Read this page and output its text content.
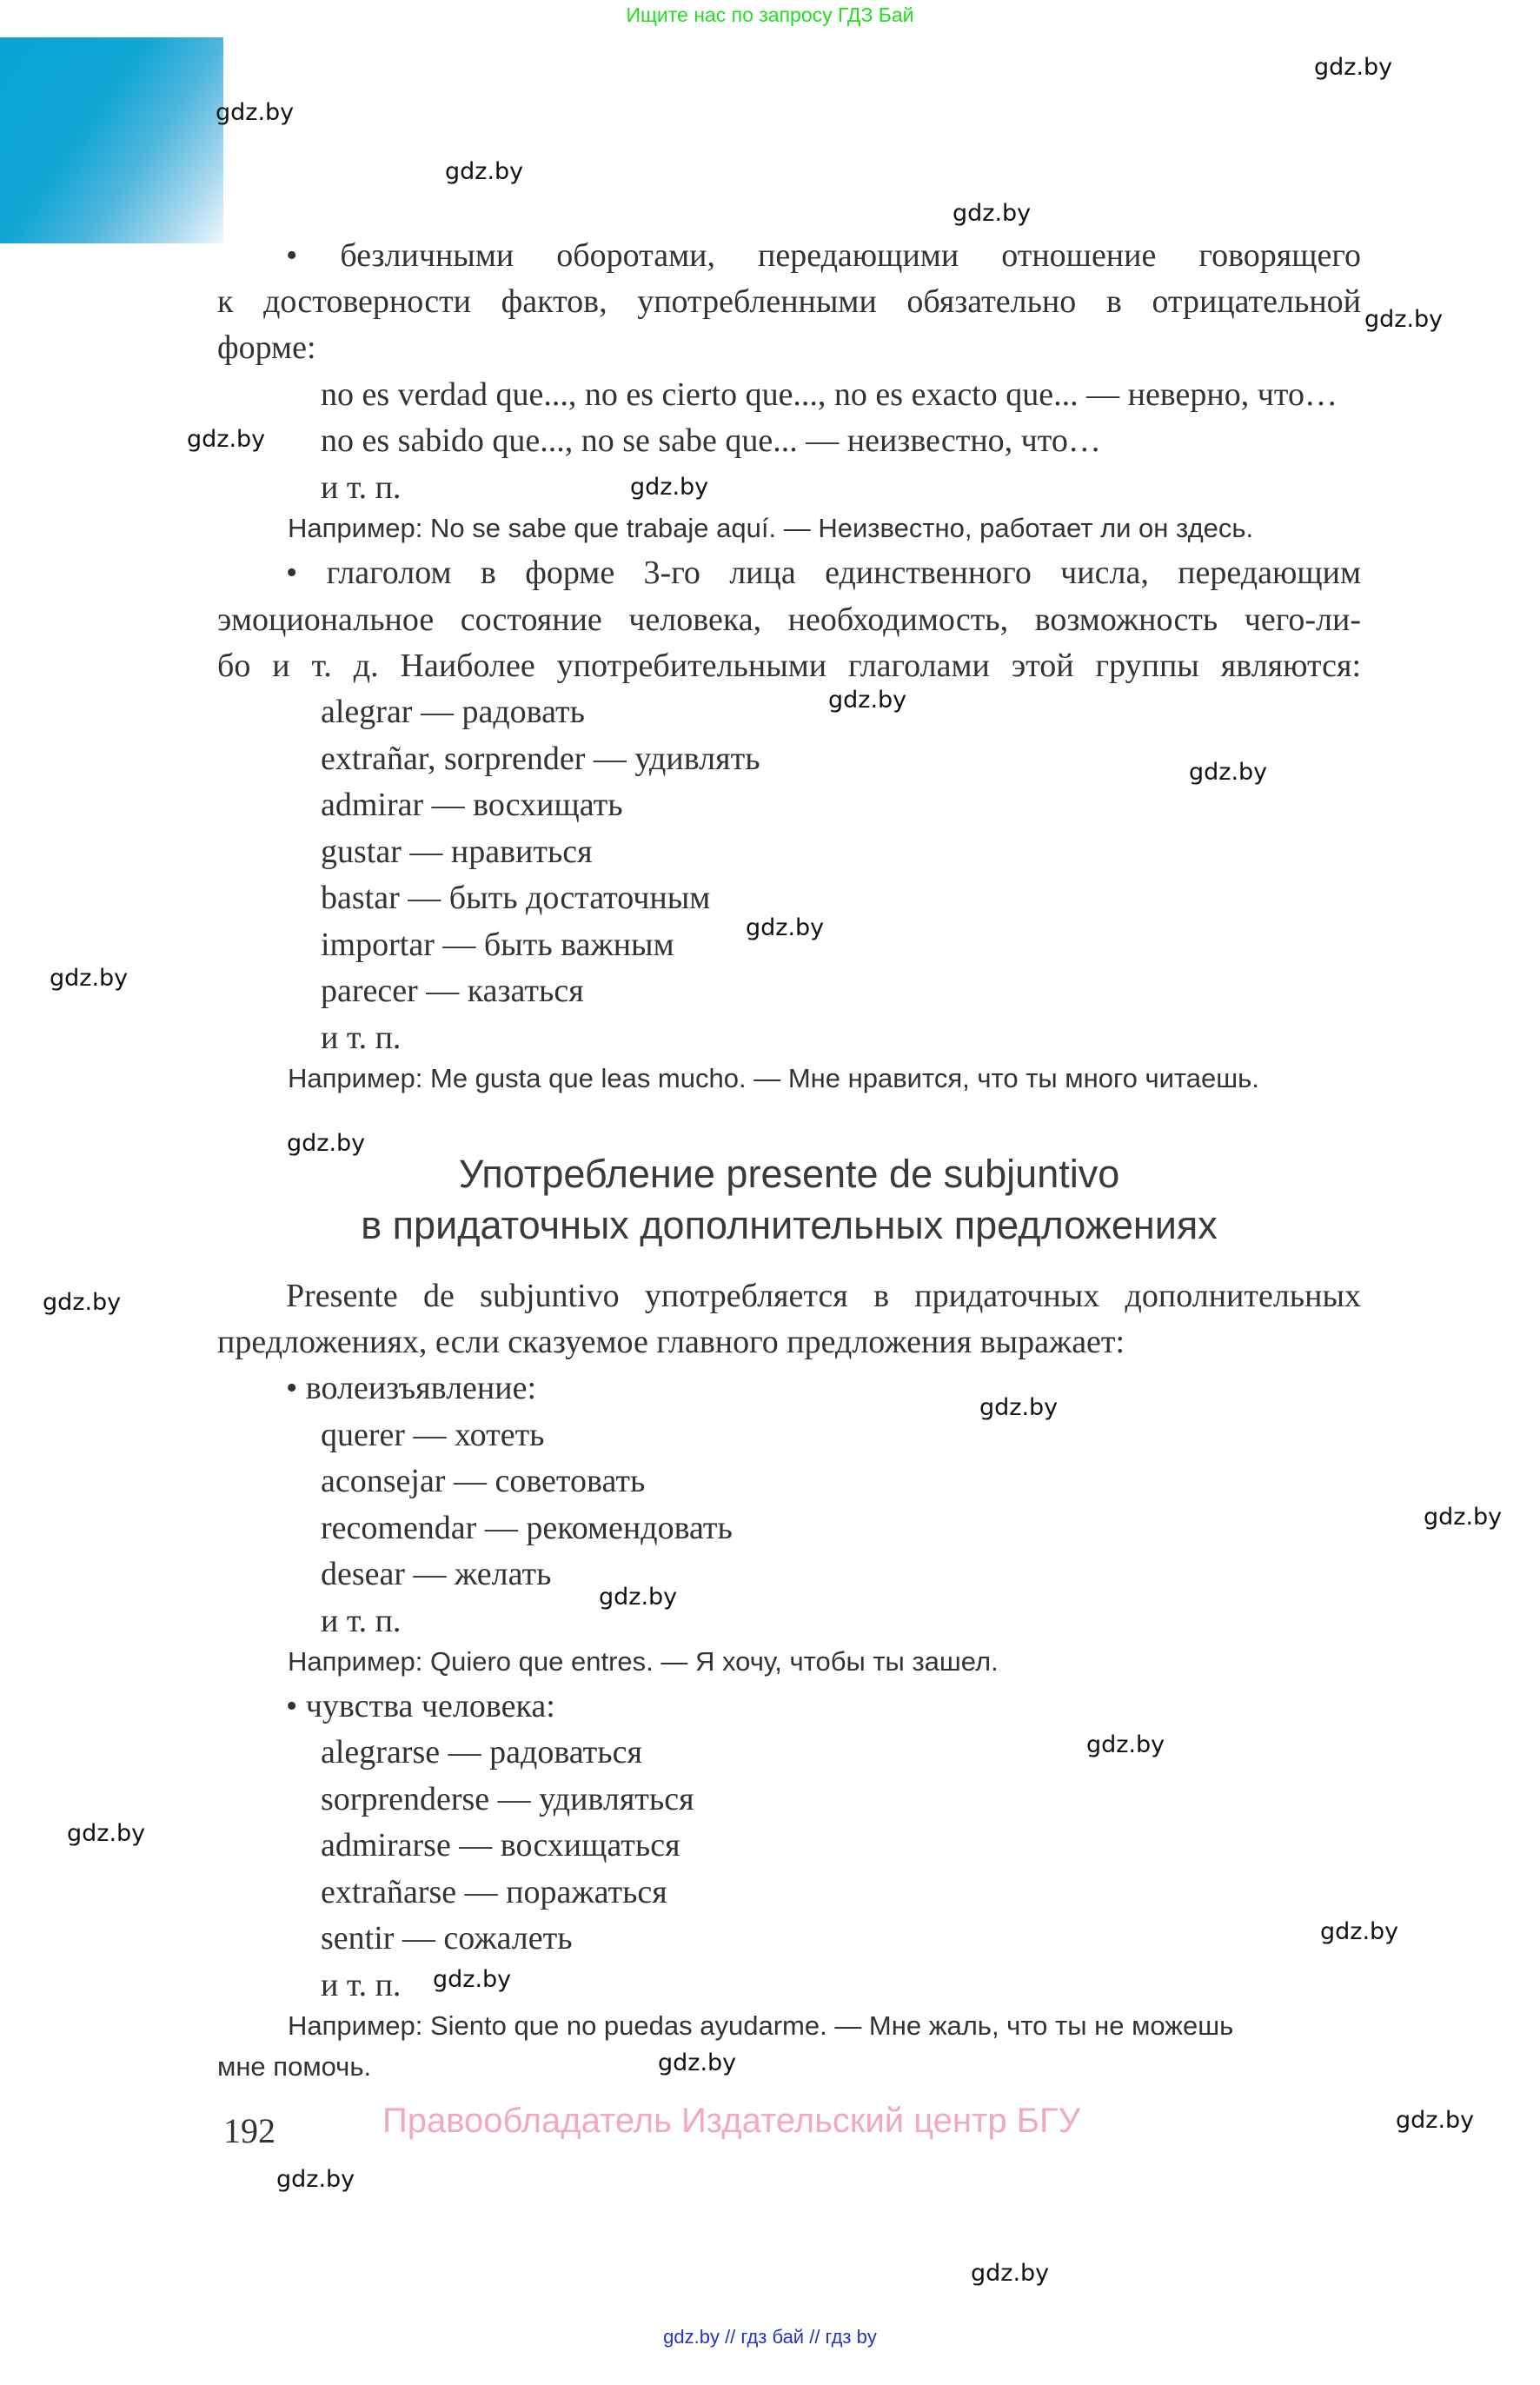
Ищите нас по запросу ГДЗ Бай
• безличными оборотами, передающими отношение говорящего
к достоверности фактов, употребленными обязательно в отрицательной
форме:
no es verdad que..., no es cierto que..., no es exacto que... — неверно, что…
no es sabido que..., no se sabe que... — неизвестно, что…
и т. п.
Например: No se sabe que trabaje aquí. — Неизвестно, работает ли он здесь.
• глаголом в форме 3-го лица единственного числа, передающим
эмоциональное состояние человека, необходимость, возможность чего-ли-
бо и т. д. Наиболее употребительными глаголами этой группы являются:
alegrar — радовать
extrañar, sorprender — удивлять
admirar — восхищать
gustar — нравиться
bastar — быть достаточным
importar — быть важным
parecer — казаться
и т. п.
Например: Me gusta que leas mucho. — Мне нравится, что ты много читаешь.
Употребление presente de subjuntivo
в придаточных дополнительных предложениях
Presente de subjuntivo употребляется в придаточных дополнительных
предложениях, если сказуемое главного предложения выражает:
• волеизъявление:
querer — хотеть
aconsejar — советовать
recomendar — рекомендовать
desear — желать
и т. п.
Например: Quiero que entres. — Я хочу, чтобы ты зашел.
• чувства человека:
alegrarse — радоваться
sorprenderse — удивляться
admirarse — восхищаться
extrañarse — поражаться
sentir — сожалеть
и т. п.
Например: Siento que no puedas ayudarme. — Мне жаль, что ты не можешь
мне помочь.
192	Правообладатель Издательский центр БГУ
gdz.by // гдз бай // гдз by
gdz.by
gdz.by
gdz.by
gdz.by
gdz.by
gdz.by
gdz.by
gdz.by
gdz.by
gdz.by
gdz.by
gdz.by
gdz.by
gdz.by
gdz.by
gdz.by
gdz.by
gdz.by
gdz.by
gdz.by
gdz.by
gdz.by
gdz.by
gdz.by
